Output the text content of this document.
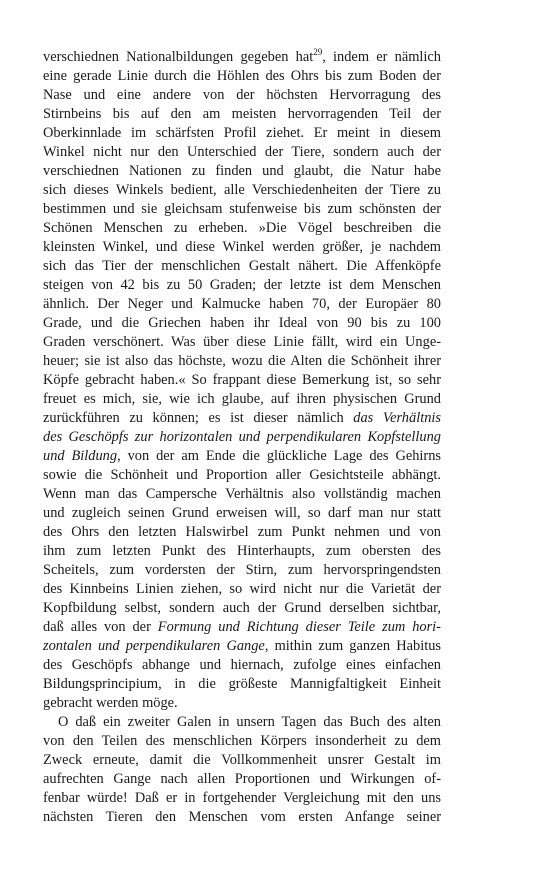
verschiednen Nationalbildungen gegeben hat$^{29}$, indem er nämlich
eine gerade Linie durch die Höhlen des Ohrs bis zum Boden der
Nase und eine andere von der höchsten Hervorragung des
Stirnbeins bis auf den am meisten hervorragenden Teil der
Oberkinnlade im schärfsten Profil ziehet. Er meint in diesem
Winkel nicht nur den Unterschied der Tiere, sondern auch der
verschiednen Nationen zu finden und glaubt, die Natur habe
sich dieses Winkels bedient, alle Verschiedenheiten der Tiere zu
bestimmen und sie gleichsam stufenweise bis zum schönsten der
Schönen Menschen zu erheben. »Die Vögel beschreiben die
kleinsten Winkel, und diese Winkel werden größer, je nachdem
sich das Tier der menschlichen Gestalt nähert. Die Affenköpfe
steigen von 42 bis zu 50 Graden; der letzte ist dem Menschen
ähnlich. Der Neger und Kalmucke haben 70, der Europäer 80
Grade, und die Griechen haben ihr Ideal von 90 bis zu 100
Graden verschönert. Was über diese Linie fällt, wird ein Unge-
heuer; sie ist also das höchste, wozu die Alten die Schönheit ihrer
Köpfe gebracht haben.« So frappant diese Bemerkung ist, so sehr
freuet es mich, sie, wie ich glaube, auf ihren physischen Grund
zurückführen zu können; es ist dieser nämlich das Verhältnis
des Geschöpfs zur horizontalen und perpendikularen Kopfstellung
und Bildung, von der am Ende die glückliche Lage des Gehirns
sowie die Schönheit und Proportion aller Gesichtsteile abhängt.
Wenn man das Campersche Verhältnis also vollständig machen
und zugleich seinen Grund erweisen will, so darf man nur statt
des Ohrs den letzten Halswirbel zum Punkt nehmen und von
ihm zum letzten Punkt des Hinterhaupts, zum obersten des
Scheitels, zum vordersten der Stirn, zum hervorspringendsten
des Kinnbeins Linien ziehen, so wird nicht nur die Varietät der
Kopfbildung selbst, sondern auch der Grund derselben sichtbar,
daß alles von der Formung und Richtung dieser Teile zum hori-
zontalen und perpendikularen Gange, mithin zum ganzen Habitus
des Geschöpfs abhange und hiernach, zufolge eines einfachen
Bildungsprincipium, in die größeste Mannigfaltigkeit Einheit
gebracht werden möge.
O daß ein zweiter Galen in unsern Tagen das Buch des alten
von den Teilen des menschlichen Körpers insonderheit zu dem
Zweck erneute, damit die Vollkommenheit unsrer Gestalt im
aufrechten Gange nach allen Proportionen und Wirkungen of-
fenbar würde! Daß er in fortgehender Vergleichung mit den uns
nächsten Tieren den Menschen vom ersten Anfange seiner
